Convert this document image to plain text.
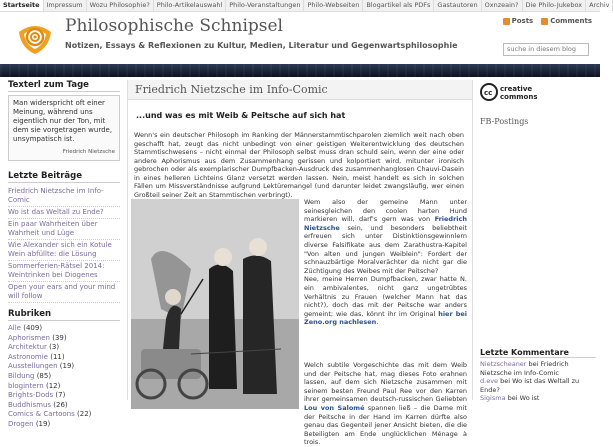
Startseite	Impressum	Wozu Philosophie?	Philo-Artikelauswahl	Philo-Veranstaltungen	Philo-Webseiten	Blogartikel als PDFs	Gastautoren	Oxnzeain?	Die Philo-Jukebox	Archiv
Philosophische Schnipsel
Notizen, Essays & Reflexionen zu Kultur, Medien, Literatur und Gegenwartsphilosophie
Posts Comments
suche in diesem blog
Texterl zum Tage
Man widerspricht oft einer Meinung, während uns eigentlich nur der Ton, mit dem sie vorgetragen wurde, unsympatisch ist.
Friedrich Nietzsche
Letzte Beiträge
Friedrich Nietzsche im Info-Comic
Wo ist das Weltall zu Ende?
Ein paar Wahrheiten über Wahrheit und Lüge
Wie Alexander sich ein Kotule Wein abfüllte: die Lösung
Sommerferien-Rätsel 2014: Weintrinken bei Diogenes
Open your ears and your mind will follow
Rubriken
Alle (409)
Aphorismen (39)
Architektur (3)
Astronomie (11)
Ausstellungen (19)
Bildung (85)
blogintern (12)
Brights-Dods (7)
Buddhismus (26)
Comics & Cartoons (22)
Drogen (19)
Friedrich Nietzsche im Info-Comic
...und was es mit Weib & Peitsche auf sich hat
Wenn's ein deutscher Philosoph im Ranking der Männerstammtischparolen ziemlich weit nach oben geschafft hat, zeugt das nicht unbedingt von einer geistigen Weiterentwicklung des deutschen Stammtischwesens – nicht einmal der Philosoph selbst muss dran schuld sein, wenn der eine oder andere Aphorismus aus dem Zusammenhang gerissen und kolportiert wird, mitunter ironisch gebrochen oder als exemplarischer Dumpfbacken-Ausdruck des zusammenhanglosen Chauvi-Dasein in eines helleren Lichteins Glanz versetzt werden lassen. Nein, meist handelt es sich in solchen Fällen um Missverständnisse aufgrund Lektüremangel (und darunter leidet zwangsläufig, wer einen Großteil seiner Zeit an Stammtischen verbringt).
Wem also der gemeine Mann unter seinesgleichen den coolen harten Hund markieren will, darf's gern was von Friedrich Nietzsche sein, und besonders beliebtheit erfreuen sich unter Distinktionsgewinnlern diverse Falsifikate aus dem Zarathustra-Kapitel "Von alten und jungen Weiblein": Fordert der schnauzbärtige Moralverächter da nicht gar die Züchtigung des Weibes mit der Peitsche?
Nee, meine Herren Dumpfbacken, zwar hatte N. ein ambivalentes, nicht ganz ungetrübtes Verhältnis zu Frauen (welcher Mann hat das nicht?), doch das mit der Peitsche war anders gemeint; wie das, könnt ihr im Original hier bei Zeno.org nachlesen.
Welch subtile Vorgeschichte das mit dem Weib und der Peitsche hat, mag dieses Foto erahnen lassen, auf dem sich Nietzsche zusammen mit seinem besten Freund Paul Ree vor den Karren ihrer gemeinsamen deutsch-russischen Geliebten Lou von Salomé spannen ließ – die Dame mit der Peitsche in der Hand im Karren dürfte also genau das Gegenteil jener Ansicht bieten, die die Beteiligten am Ende unglücklichen Ménage à trois.
cc creative
commons
FB-Postings
Letzte Kommentare
Nietzscheaner bei Friedrich Nietzsche im Info-Comic
d.eve bei Wo ist das Weltall zu Ende?
Sigisma bei Wo ist
